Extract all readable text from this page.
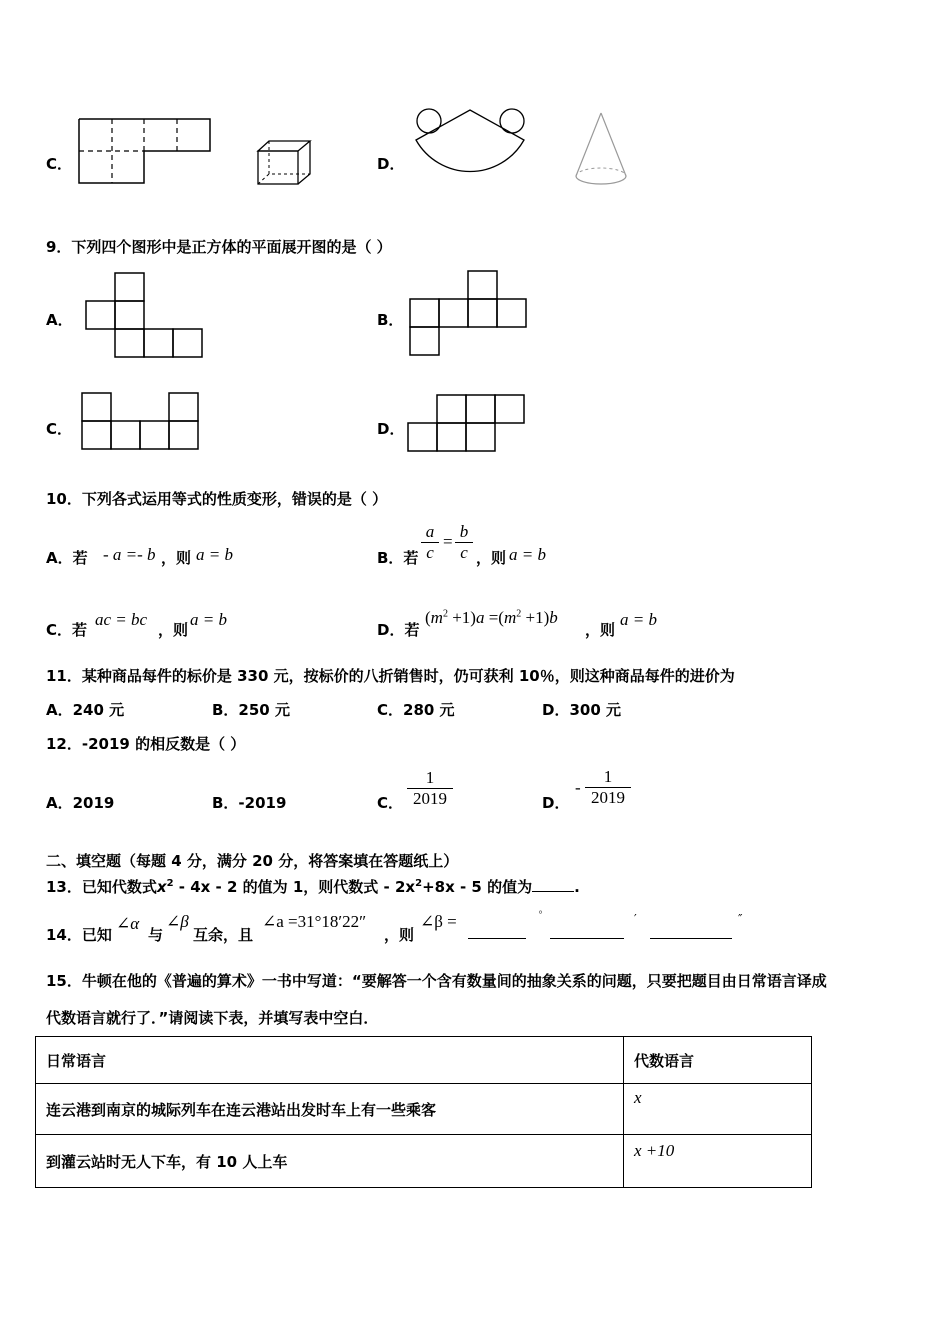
C．	D．
9．下列四个图形中是正方体的平面展开图的是（ ）
A．	B．
C．	D．
10．下列各式运用等式的性质变形，错误的是（ ）
A．若 - a =- b ，则 a = b	B．若 $\frac{a}{c} = \frac{b}{c}$ ，则 a = b
C．若
ac = bc
，则
a = b
D．若
$(m^2 +1)a =(m^2 +1)b$
，则
a = b
11．某种商品每件的标价是 330 元，按标价的八折销售时，仍可获利 10％，则这种商品每件的进价为
A．240 元	B．250 元	C．280 元	D．300 元
12．-2019 的相反数是（ ）
A．2019	B．-2019	C． $\frac{1}{2019}$	D．
- $\frac{1}{2019}$
二、填空题（每题 4 分，满分 20 分，将答案填在答题纸上）
13．已知代数式$x^2 - 4x - 2$ 的值为 1，则代数式 - $2x^2+8x - 5$ 的值为	.
14．已知
∠α
与
∠β
互余，且
∠a =31°18′22″
，则
∠β =	°	′	″
15．牛顿在他的《普遍的算术》一书中写道：“要解答一个含有数量间的抽象关系的问题，只要把题目由日常语言译成
代数语言就行了．”请阅读下表，并填写表中空白．
日常语言	代数语言
连云港到南京的城际列车在连云港站出发时车上有一些乘客	x
到灌云站时无人下车，有 10 人上车	x +10
